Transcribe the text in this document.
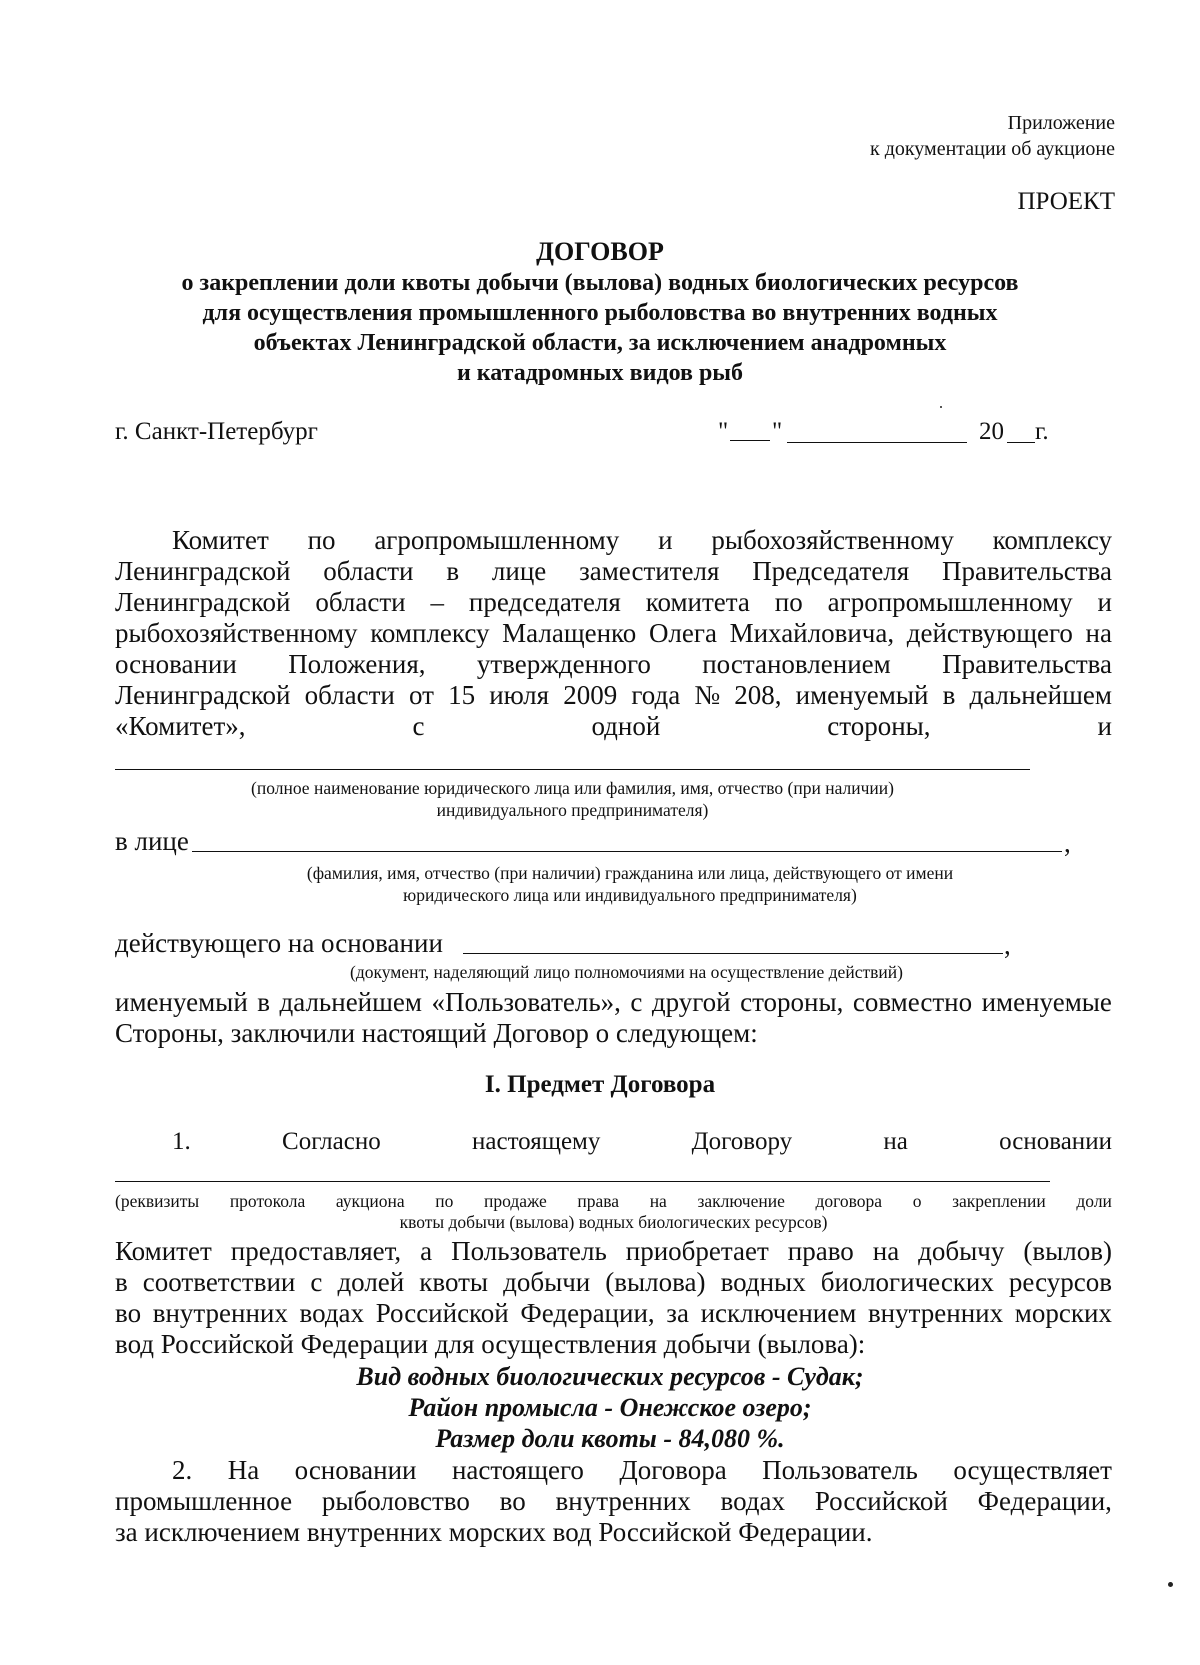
Приложение
к документации об аукционе
ПРОЕКТ
ДОГОВОР
о закреплении доли квоты добычи (вылова) водных биологических ресурсов
для осуществления промышленного рыболовства во внутренних водных
объектах Ленинградской области, за исключением анадромных
и катадромных видов рыб
г. Санкт-Петербург	" "	20 г.
Комитет по агропромышленному и рыбохозяйственному комплексу
Ленинградской области в лице заместителя Председателя Правительства
Ленинградской области – председателя комитета по агропромышленному и
рыбохозяйственному комплексу Малащенко Олега Михайловича, действующего на
основании Положения, утвержденного постановлением Правительства
Ленинградской области от 15 июля 2009 года № 208, именуемый в дальнейшем
«Комитет»,	с	одной	стороны,	и
(полное наименование юридического лица или фамилия, имя, отчество (при наличии)
индивидуального предпринимателя)
в лице	,
(фамилия, имя, отчество (при наличии) гражданина или лица, действующего от имени
юридического лица или индивидуального предпринимателя)
действующего на основании	,
(документ, наделяющий лицо полномочиями на осуществление действий)
именуемый в дальнейшем «Пользователь», с другой стороны, совместно именуемые
Стороны, заключили настоящий Договор о следующем:
I. Предмет Договора
1.	Согласно	настоящему	Договору	на	основании
(реквизиты протокола аукциона по продаже права на заключение договора о закреплении доли
квоты добычи (вылова) водных биологических ресурсов)
Комитет предоставляет, а Пользователь приобретает право на добычу (вылов)
в соответствии с долей квоты добычи (вылова) водных биологических ресурсов
во внутренних водах Российской Федерации, за исключением внутренних морских
вод Российской Федерации для осуществления добычи (вылова):
Вид водных биологических ресурсов - Судак;
Район промысла - Онежское озеро;
Размер доли квоты - 84,080 %.
2. На основании настоящего Договора Пользователь осуществляет
промышленное рыболовство во внутренних водах Российской Федерации,
за исключением внутренних морских вод Российской Федерации.
